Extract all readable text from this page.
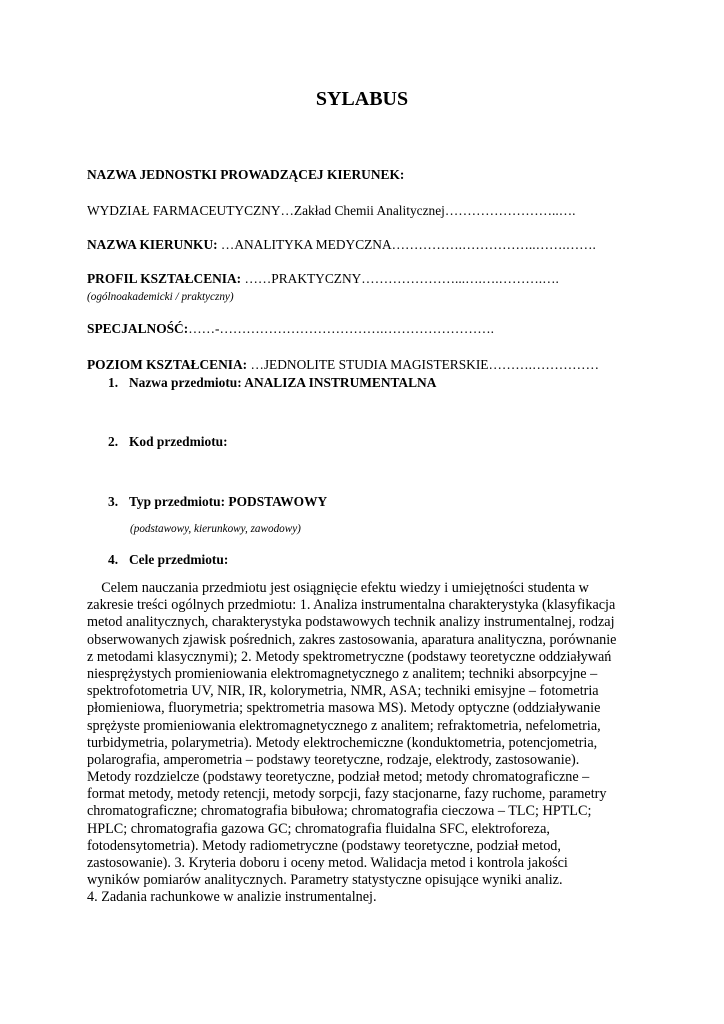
SYLABUS
NAZWA JEDNOSTKI PROWADZĄCEJ KIERUNEK:
WYDZIAŁ FARMACEUTYCZNY…Zakład Chemii Analitycznej……………………..….
NAZWA KIERUNKU: …ANALITYKA MEDYCZNA…………….……………..…….…….
PROFIL KSZTAŁCENIA: ……PRAKTYCZNY…………………...….….……….….
(ogólnoakademicki / praktyczny)
SPECJALNOŚĆ:……-……………………………….…………………….
POZIOM KSZTAŁCENIA: …JEDNOLITE STUDIA MAGISTERSKIE……….……………
1. Nazwa przedmiotu: ANALIZA INSTRUMENTALNA
2. Kod przedmiotu:
3. Typ przedmiotu: PODSTAWOWY
(podstawowy, kierunkowy, zawodowy)
4. Cele przedmiotu:
Celem nauczania przedmiotu jest osiągnięcie efektu wiedzy i umiejętności studenta w
zakresie treści ogólnych przedmiotu: 1. Analiza instrumentalna charakterystyka (klasyfikacja
metod analitycznych, charakterystyka podstawowych technik analizy instrumentalnej, rodzaj
obserwowanych zjawisk pośrednich, zakres zastosowania, aparatura analityczna, porównanie
z metodami klasycznymi); 2. Metody spektrometryczne (podstawy teoretyczne oddziaływań
niesprężystych promieniowania elektromagnetycznego z analitem; techniki absorpcyjne –
spektrofotometria UV, NIR, IR, kolorymetria, NMR, ASA; techniki emisyjne – fotometria
płomieniowa, fluorymetria; spektrometria masowa MS). Metody optyczne (oddziaływanie
sprężyste promieniowania elektromagnetycznego z analitem; refraktometria, nefelometria,
turbidymetria, polarymetria). Metody elektrochemiczne (konduktometria, potencjometria,
polarografia, amperometria – podstawy teoretyczne, rodzaje, elektrody, zastosowanie).
Metody rozdzielcze (podstawy teoretyczne, podział metod; metody chromatograficzne –
format metody, metody retencji, metody sorpcji, fazy stacjonarne, fazy ruchome, parametry
chromatograficzne; chromatografia bibułowa; chromatografia cieczowa – TLC; HPTLC;
HPLC; chromatografia gazowa GC; chromatografia fluidalna SFC, elektroforeza,
fotodensytometria). Metody radiometryczne (podstawy teoretyczne, podział metod,
zastosowanie). 3. Kryteria doboru i oceny metod. Walidacja metod i kontrola jakości
wyników pomiarów analitycznych. Parametry statystyczne opisujące wyniki analiz.
4. Zadania rachunkowe w analizie instrumentalnej.
